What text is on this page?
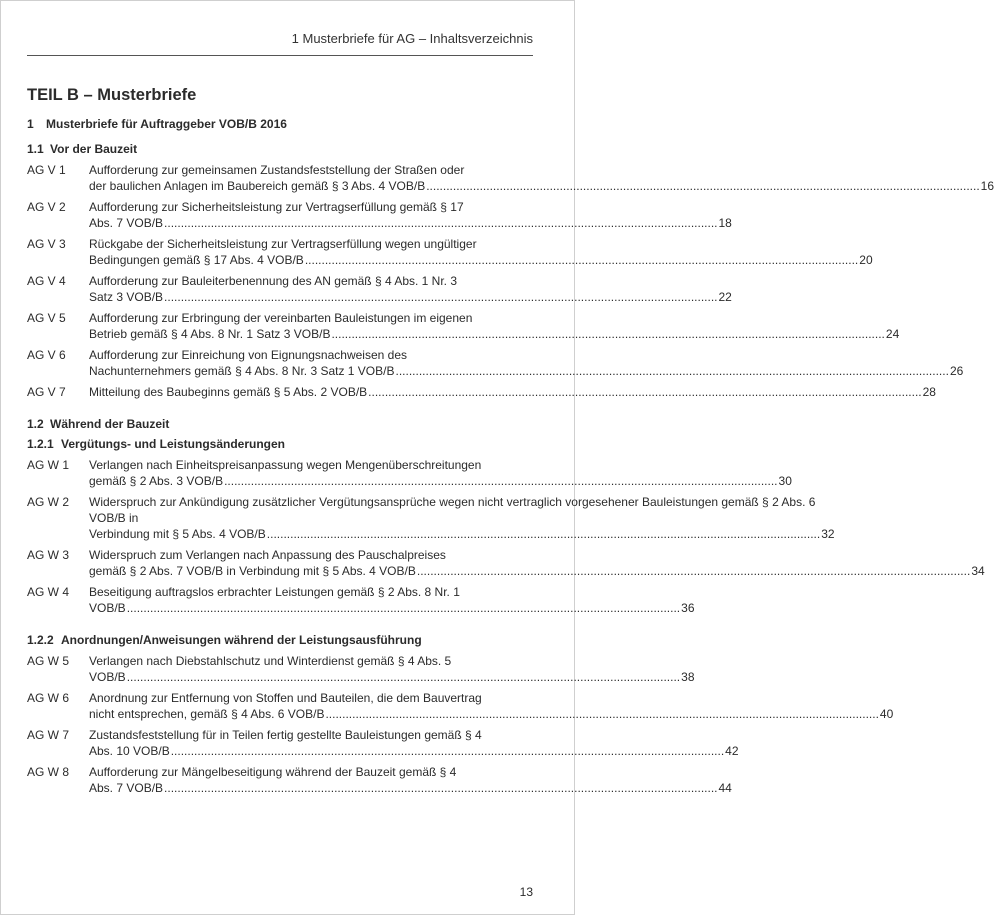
1 Musterbriefe für AG – Inhaltsverzeichnis
TEIL B – Musterbriefe
1	Musterbriefe für Auftraggeber VOB/B 2016
1.1 Vor der Bauzeit
AG V 1	Aufforderung zur gemeinsamen Zustandsfeststellung der Straßen oder
der baulichen Anlagen im Baubereich gemäß § 3 Abs. 4 VOB/B .....	16
AG V 2	Aufforderung zur Sicherheitsleistung zur Vertragserfüllung gemäß § 17
Abs. 7 VOB/B .....	18
AG V 3	Rückgabe der Sicherheitsleistung zur Vertragserfüllung wegen ungültiger
Bedingungen gemäß § 17 Abs. 4 VOB/B .....	20
AG V 4	Aufforderung zur Bauleiterbenennung des AN gemäß § 4 Abs. 1 Nr. 3
Satz 3 VOB/B .....	22
AG V 5	Aufforderung zur Erbringung der vereinbarten Bauleistungen im eigenen
Betrieb gemäß § 4 Abs. 8 Nr. 1 Satz 3 VOB/B .....	24
AG V 6	Aufforderung zur Einreichung von Eignungsnachweisen des
Nachunternehmers gemäß § 4 Abs. 8 Nr. 3 Satz 1 VOB/B .....	26
AG V 7	Mitteilung des Baubeginns gemäß § 5 Abs. 2 VOB/B .....	28
1.2 Während der Bauzeit
1.2.1 Vergütungs- und Leistungsänderungen
AG W 1	Verlangen nach Einheitspreisanpassung wegen Mengenüberschreitungen
gemäß § 2 Abs. 3 VOB/B .....	30
AG W 2	Widerspruch zur Ankündigung zusätzlicher Vergütungsansprüche wegen nicht vertraglich vorgesehener Bauleistungen gemäß § 2 Abs. 6 VOB/B in
Verbindung mit § 5 Abs. 4 VOB/B .....	32
AG W 3	Widerspruch zum Verlangen nach Anpassung des Pauschalpreises
gemäß § 2 Abs. 7 VOB/B in Verbindung mit § 5 Abs. 4 VOB/B .....	34
AG W 4	Beseitigung auftragslos erbrachter Leistungen gemäß § 2 Abs. 8 Nr. 1
VOB/B .....	36
1.2.2 Anordnungen/Anweisungen während der Leistungsausführung
AG W 5	Verlangen nach Diebstahlschutz und Winterdienst gemäß § 4 Abs. 5
VOB/B .....	38
AG W 6	Anordnung zur Entfernung von Stoffen und Bauteilen, die dem Bauvertrag
nicht entsprechen, gemäß § 4 Abs. 6 VOB/B .....	40
AG W 7	Zustandsfeststellung für in Teilen fertig gestellte Bauleistungen gemäß § 4
Abs. 10 VOB/B .....	42
AG W 8	Aufforderung zur Mängelbeseitigung während der Bauzeit gemäß § 4
Abs. 7 VOB/B .....	44
13
